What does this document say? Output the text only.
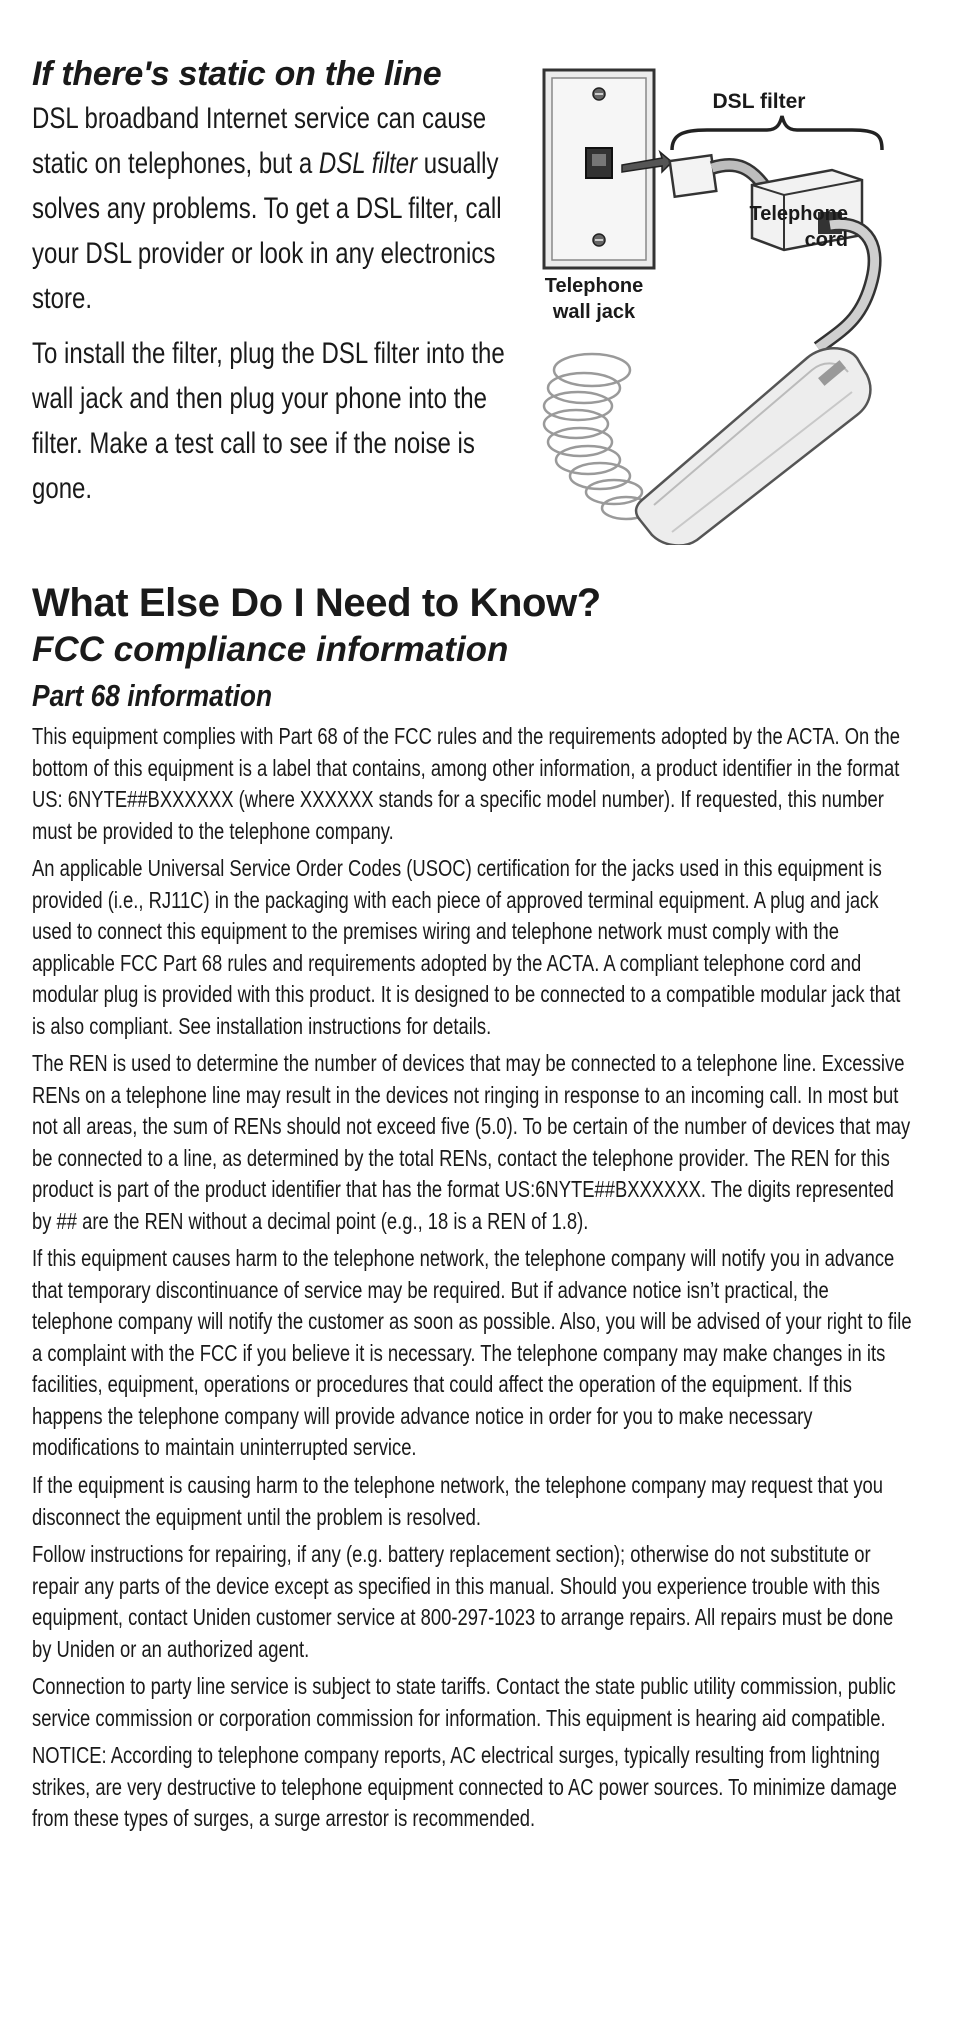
If there's static on the line

DSL broadband Internet service can cause static on telephones, but a DSL filter usually solves any problems. To get a DSL filter, call your DSL provider or look in any electronics store.

To install the filter, plug the DSL filter into the wall jack and then plug your phone into the filter. Make a test call to see if the noise is gone.

DSL filter
Telephone
cord
Telephone
wall jack
What Else Do I Need to Know?
FCC compliance information
Part 68 information

This equipment complies with Part 68 of the FCC rules and the requirements adopted by the ACTA. On the bottom of this equipment is a label that contains, among other information, a product identifier in the format US: 6NYTE##BXXXXXX (where XXXXXX stands for a specific model number). If requested, this number must be provided to the telephone company.

An applicable Universal Service Order Codes (USOC) certification for the jacks used in this equipment is provided (i.e., RJ11C) in the packaging with each piece of approved terminal equipment. A plug and jack used to connect this equipment to the premises wiring and telephone network must comply with the applicable FCC Part 68 rules and requirements adopted by the ACTA. A compliant telephone cord and modular plug is provided with this product. It is designed to be connected to a compatible modular jack that is also compliant. See installation instructions for details.

The REN is used to determine the number of devices that may be connected to a telephone line. Excessive RENs on a telephone line may result in the devices not ringing in response to an incoming call. In most but not all areas, the sum of RENs should not exceed five (5.0). To be certain of the number of devices that may be connected to a line, as determined by the total RENs, contact the telephone provider. The REN for this product is part of the product identifier that has the format US:6NYTE##BXXXXXX. The digits represented by ## are the REN without a decimal point (e.g., 18 is a REN of 1.8).

If this equipment causes harm to the telephone network, the telephone company will notify you in advance that temporary discontinuance of service may be required. But if advance notice isn’t practical, the telephone company will notify the customer as soon as possible. Also, you will be advised of your right to file a complaint with the FCC if you believe it is necessary. The telephone company may make changes in its facilities, equipment, operations or procedures that could affect the operation of the equipment. If this happens the telephone company will provide advance notice in order for you to make necessary modifications to maintain uninterrupted service.

If the equipment is causing harm to the telephone network, the telephone company may request that you disconnect the equipment until the problem is resolved.

Follow instructions for repairing, if any (e.g. battery replacement section); otherwise do not substitute or repair any parts of the device except as specified in this manual. Should you experience trouble with this equipment, contact Uniden customer service at 800-297-1023 to arrange repairs. All repairs must be done by Uniden or an authorized agent.

Connection to party line service is subject to state tariffs. Contact the state public utility commission, public service commission or corporation commission for information. This equipment is hearing aid compatible.

NOTICE: According to telephone company reports, AC electrical surges, typically resulting from lightning strikes, are very destructive to telephone equipment connected to AC power sources. To minimize damage from these types of surges, a surge arrestor is recommended.
